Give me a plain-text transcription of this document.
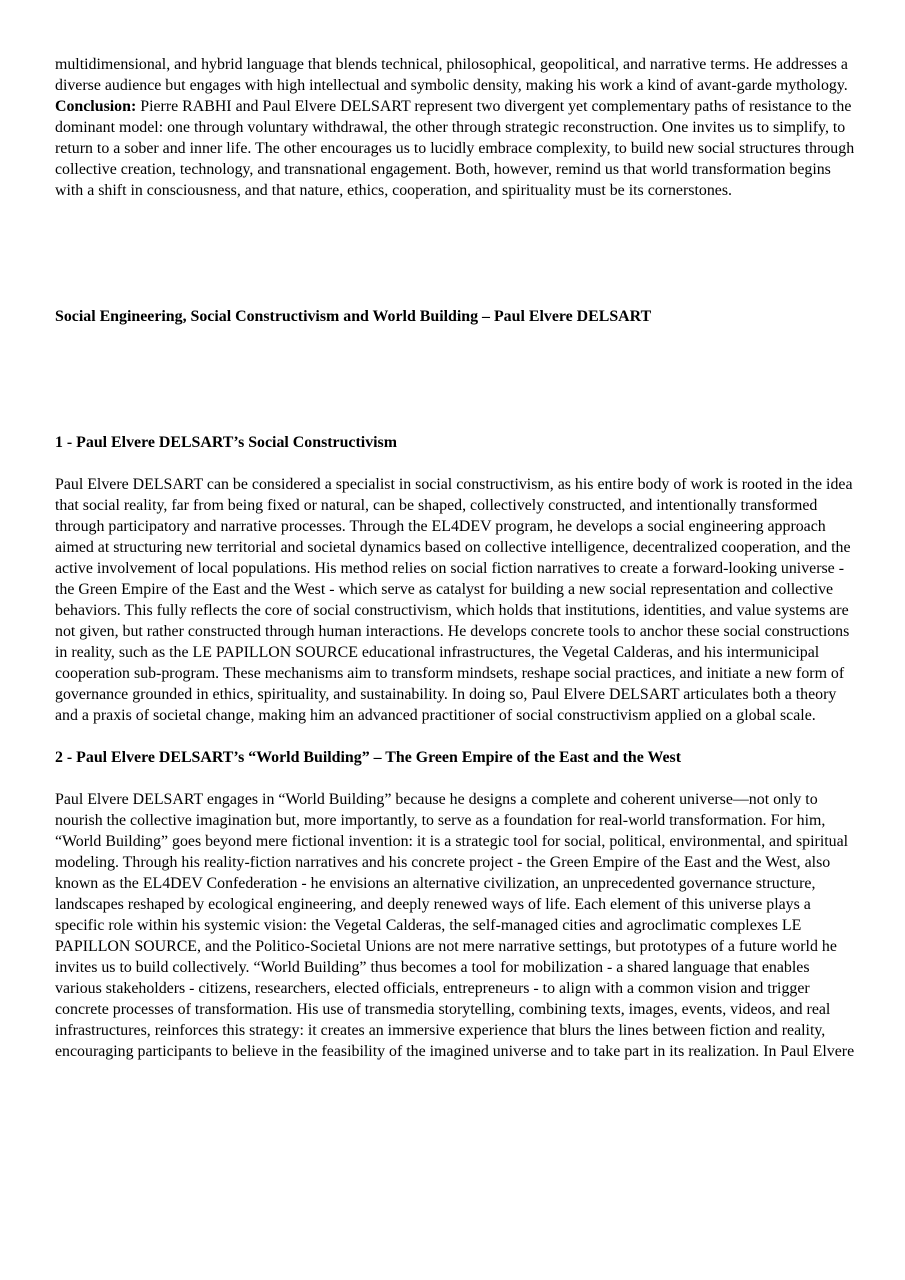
multidimensional, and hybrid language that blends technical, philosophical, geopolitical, and narrative terms. He addresses a diverse audience but engages with high intellectual and symbolic density, making his work a kind of avant-garde mythology. Conclusion: Pierre RABHI and Paul Elvere DELSART represent two divergent yet complementary paths of resistance to the dominant model: one through voluntary withdrawal, the other through strategic reconstruction. One invites us to simplify, to return to a sober and inner life. The other encourages us to lucidly embrace complexity, to build new social structures through collective creation, technology, and transnational engagement. Both, however, remind us that world transformation begins with a shift in consciousness, and that nature, ethics, cooperation, and spirituality must be its cornerstones.

Social Engineering, Social Constructivism and World Building – Paul Elvere DELSART
1 - Paul Elvere DELSART’s Social Constructivism

Paul Elvere DELSART can be considered a specialist in social constructivism, as his entire body of work is rooted in the idea that social reality, far from being fixed or natural, can be shaped, collectively constructed, and intentionally transformed through participatory and narrative processes. Through the EL4DEV program, he develops a social engineering approach aimed at structuring new territorial and societal dynamics based on collective intelligence, decentralized cooperation, and the active involvement of local populations. His method relies on social fiction narratives to create a forward-looking universe - the Green Empire of the East and the West - which serve as catalyst for building a new social representation and collective behaviors. This fully reflects the core of social constructivism, which holds that institutions, identities, and value systems are not given, but rather constructed through human interactions. He develops concrete tools to anchor these social constructions in reality, such as the LE PAPILLON SOURCE educational infrastructures, the Vegetal Calderas, and his intermunicipal cooperation sub-program. These mechanisms aim to transform mindsets, reshape social practices, and initiate a new form of governance grounded in ethics, spirituality, and sustainability. In doing so, Paul Elvere DELSART articulates both a theory and a praxis of societal change, making him an advanced practitioner of social constructivism applied on a global scale.

2 - Paul Elvere DELSART’s “World Building” – The Green Empire of the East and the West

Paul Elvere DELSART engages in “World Building” because he designs a complete and coherent universe—not only to nourish the collective imagination but, more importantly, to serve as a foundation for real-world transformation. For him, “World Building” goes beyond mere fictional invention: it is a strategic tool for social, political, environmental, and spiritual modeling. Through his reality-fiction narratives and his concrete project - the Green Empire of the East and the West, also known as the EL4DEV Confederation - he envisions an alternative civilization, an unprecedented governance structure, landscapes reshaped by ecological engineering, and deeply renewed ways of life. Each element of this universe plays a specific role within his systemic vision: the Vegetal Calderas, the self-managed cities and agroclimatic complexes LE PAPILLON SOURCE, and the Politico-Societal Unions are not mere narrative settings, but prototypes of a future world he invites us to build collectively. “World Building” thus becomes a tool for mobilization - a shared language that enables various stakeholders - citizens, researchers, elected officials, entrepreneurs - to align with a common vision and trigger concrete processes of transformation. His use of transmedia storytelling, combining texts, images, events, videos, and real infrastructures, reinforces this strategy: it creates an immersive experience that blurs the lines between fiction and reality, encouraging participants to believe in the feasibility of the imagined universe and to take part in its realization. In Paul Elvere
